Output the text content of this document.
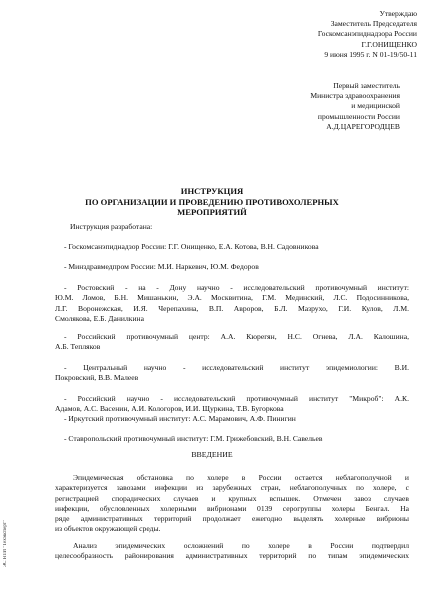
Утверждаю
Заместитель Председателя
Госкомсанэпиднадзора России
Г.Г.ОНИЩЕНКО
9 июня 1995 г. N 01-19/50-11
Первый заместитель
Министра здравоохранения
и медицинской
промышленности России
А.Д.ЦАРЕГОРОДЦЕВ
ИНСТРУКЦИЯ
ПО ОРГАНИЗАЦИИ И ПРОВЕДЕНИЮ ПРОТИВОХОЛЕРНЫХ
МЕРОПРИЯТИЙ
Инструкция разработана:
- Госкомсанэпиднадзор России: Г.Г. Онищенко, Е.А. Котова, В.Н. Садовникова
- Минздравмедпром России: М.И. Наркевич, Ю.М. Федоров
- Ростовский - на - Дону научно - исследовательский противочумный институт:
Ю.М. Ломов, Б.Н. Мишанькин, Э.А. Москвитина, Г.М. Мединский, Л.С. Подосинникова,
Л.Г. Воронежская, И.Я. Черепахина, В.П. Авроров, Б.Л. Мазрухо, Г.И. Кулов, Л.М.
Смолякова, Е.Б. Данилкина
- Российский противочумный центр: А.А. Кюрегян, Н.С. Огнева, Л.А. Калошина,
А.Б. Тепляков
- Центральный научно - исследовательский институт эпидемиологии: В.И.
Покровский, В.В. Малеев
- Российский научно - исследовательский противочумный институт "Микроб": А.К.
Адамов, А.С. Васенин, А.И. Кологоров, И.И. Щуркина, Т.В. Бугоркова
- Иркутский противочумный институт: А.С. Марамович, А.Ф. Пинигин
- Ставропольский противочумный институт: Г.М. Грижебовский, В.Н. Савельев
ВВЕДЕНИЕ
Эпидемическая обстановка по холере в России остается неблагополучной и
характеризуется завозами инфекции из зарубежных стран, неблагополучных по холере, с
регистрацией спорадических случаев и крупных вспышек. Отмечен завоз случаев
инфекции, обусловленных холерными вибрионами 0139 серогруппы холеры Бенгал. На
ряде административных территорий продолжает ежегодно выделять холерные вибрионы
из объектов окружающей среды.
Анализ эпидемических осложнений по холере в России подтвердил
целесообразность районирования административных территорий по типам эпидемических
ЭС НТИ "Техэксперт"
